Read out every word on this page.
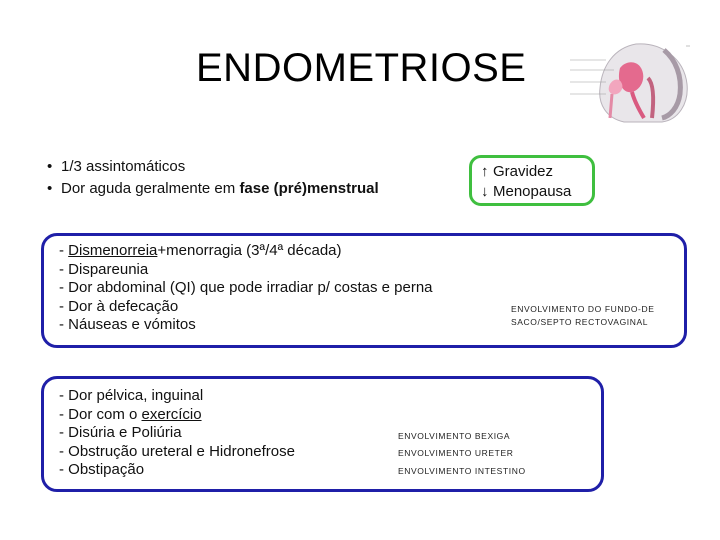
ENDOMETRIOSE
• 1/3 assintomáticos
• Dor aguda geralmente em fase (pré)menstrual
↑ Gravidez
↓ Menopausa
- Dismenorreia+menorragia (3ª/4ª década)
- Dispareunia
- Dor abdominal (QI) que pode irradiar p/ costas e perna
- Dor à defecação
- Náuseas e vómitos
ENVOLVIMENTO DO FUNDO-DE
SACO/SEPTO RECTOVAGINAL
- Dor pélvica, inguinal
- Dor com o exercício
- Disúria e Poliúria
- Obstrução ureteral e Hidronefrose
- Obstipação
ENVOLVIMENTO BEXIGA
ENVOLVIMENTO URETER
ENVOLVIMENTO INTESTINO
